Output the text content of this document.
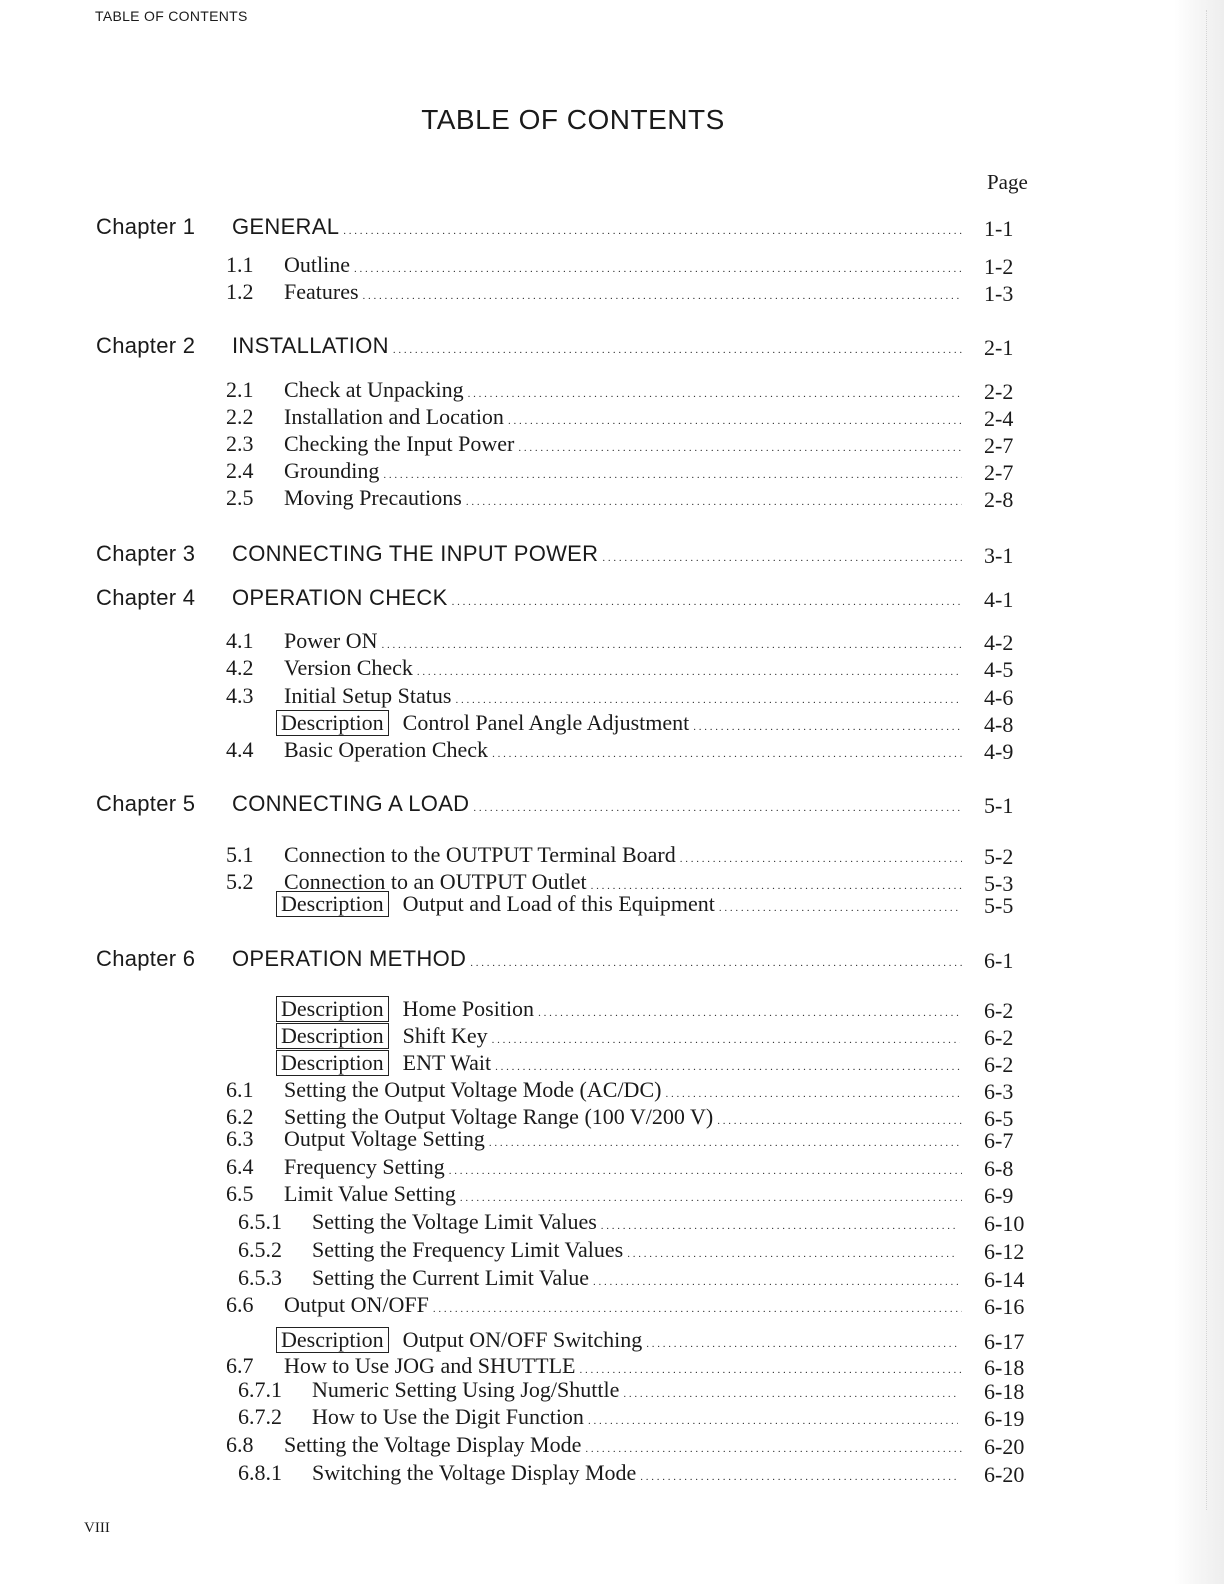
TABLE OF CONTENTS
TABLE OF CONTENTS
Page
Chapter 1 GENERAL . . .	1-1
1.1 Outline . . .	1-2
1.2 Features . . .	1-3
Chapter 2 INSTALLATION . . .	2-1
2.1 Check at Unpacking . . .	2-2
2.2 Installation and Location . . .	2-4
2.3 Checking the Input Power . . .	2-7
2.4 Grounding . . .	2-7
2.5 Moving Precautions . . .	2-8
Chapter 3 CONNECTING THE INPUT POWER . . .	3-1
Chapter 4 OPERATION CHECK . . .	4-1
4.1 Power ON . . .	4-2
4.2 Version Check . . .	4-5
4.3 Initial Setup Status . . .	4-6
Description Control Panel Angle Adjustment . . .	4-8
4.4 Basic Operation Check . . .	4-9
Chapter 5 CONNECTING A LOAD . . .	5-1
5.1 Connection to the OUTPUT Terminal Board . . .	5-2
5.2 Connection to an OUTPUT Outlet . . .	5-3
Description Output and Load of this Equipment . . .	5-5
Chapter 6 OPERATION METHOD . . .	6-1
Description Home Position . . .	6-2
Description Shift Key . . .	6-2
Description ENT Wait . . .	6-2
6.1 Setting the Output Voltage Mode (AC/DC) . . .	6-3
6.2 Setting the Output Voltage Range (100 V/200 V) . . .	6-5
6.3 Output Voltage Setting . . .	6-7
6.4 Frequency Setting . . .	6-8
6.5 Limit Value Setting . . .	6-9
6.5.1 Setting the Voltage Limit Values . . .	6-10
6.5.2 Setting the Frequency Limit Values . . .	6-12
6.5.3 Setting the Current Limit Value . . .	6-14
6.6 Output ON/OFF . . .	6-16
Description Output ON/OFF Switching . . .	6-17
6.7 How to Use JOG and SHUTTLE . . .	6-18
6.7.1 Numeric Setting Using Jog/Shuttle . . .	6-18
6.7.2 How to Use the Digit Function . . .	6-19
6.8 Setting the Voltage Display Mode . . .	6-20
6.8.1 Switching the Voltage Display Mode . . .	6-20
VIII
